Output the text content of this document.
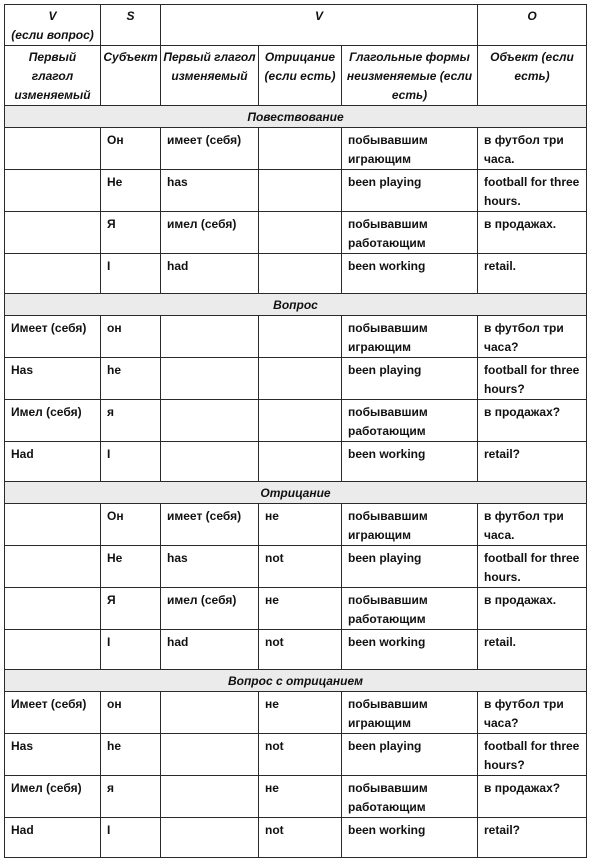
V
(если вопрос)	S	V			O
Первый глагол изменяемый	Субъект	Первый глагол изменяемый	Отрицание (если есть)	Глагольные формы неизменяемые (если есть)	Объект (если есть)
Повествование					
	Он	имеет (себя)		побывавшим играющим	в футбол три часа.
	He	has		been playing	football for three hours.
	Я	имел (себя)		побывавшим работающим	в продажах.
	I	had		been working	retail.
Вопрос					
Имеет (себя)	он			побывавшим играющим	в футбол три часа?
Has	he			been playing	football for three hours?
Имел (себя)	я			побывавшим работающим	в продажах?
Had	I			been working	retail?
Отрицание					
	Он	имеет (себя)	не	побывавшим играющим	в футбол три часа.
	He	has	not	been playing	football for three hours.
	Я	имел (себя)	не	побывавшим работающим	в продажах.
	I	had	not	been working	retail.
Вопрос с отрицанием					
Имеет (себя)	он		не	побывавшим играющим	в футбол три часа?
Has	he		not	been playing	football for three hours?
Имел (себя)	я		не	побывавшим работающим	в продажах?
Had	I		not	been working	retail?
